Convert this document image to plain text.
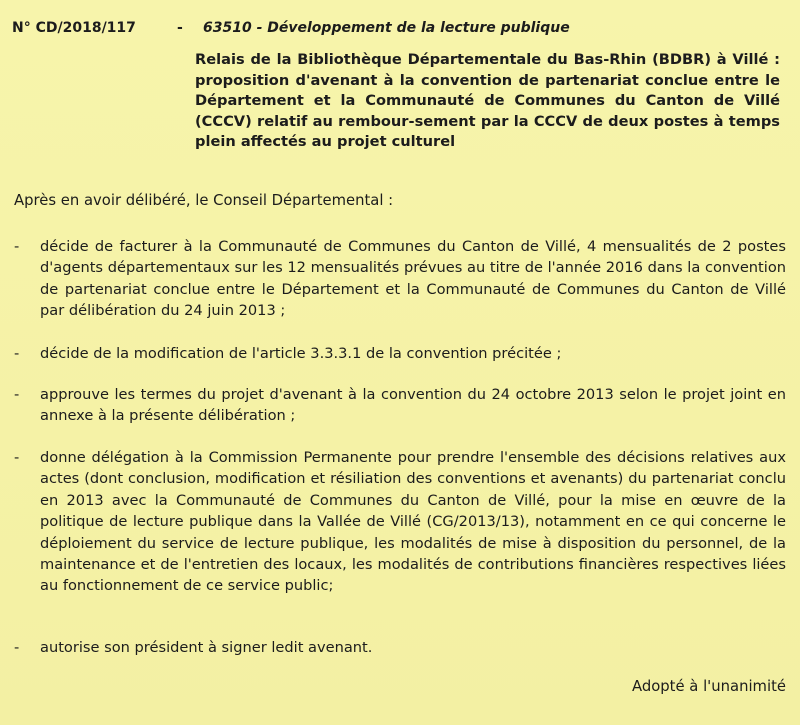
N° CD/2018/117	- 63510 - Développement de la lecture publique
Relais de la Bibliothèque Départementale du Bas-Rhin (BDBR) à Villé : proposition d'avenant à la convention de partenariat conclue entre le Département et la Communauté de Communes du Canton de Villé (CCCV) relatif au rembour-sement par la CCCV de deux postes à temps plein affectés au projet culturel
Après en avoir délibéré, le Conseil Départemental :
- décide de facturer à la Communauté de Communes du Canton de Villé, 4 mensualités de 2 postes d'agents départementaux sur les 12 mensualités prévues au titre de l'année 2016 dans la convention de partenariat conclue entre le Département et la Communauté de Communes du Canton de Villé par délibération du 24 juin 2013 ;
- décide de la modification de l'article 3.3.3.1 de la convention précitée ;
- approuve les termes du projet d'avenant à la convention du 24 octobre 2013 selon le projet joint en annexe à la présente délibération ;
- donne délégation à la Commission Permanente pour prendre l'ensemble des décisions relatives aux actes (dont conclusion, modification et résiliation des conventions et avenants) du partenariat conclu en 2013 avec la Communauté de Communes du Canton de Villé, pour la mise en œuvre de la politique de lecture publique dans la Vallée de Villé (CG/2013/13), notamment en ce qui concerne le déploiement du service de lecture publique, les modalités de mise à disposition du personnel, de la maintenance et de l'entretien des locaux, les modalités de contributions financières respectives liées au fonctionnement de ce service public;
- autorise son président à signer ledit avenant.
Adopté à l'unanimité
